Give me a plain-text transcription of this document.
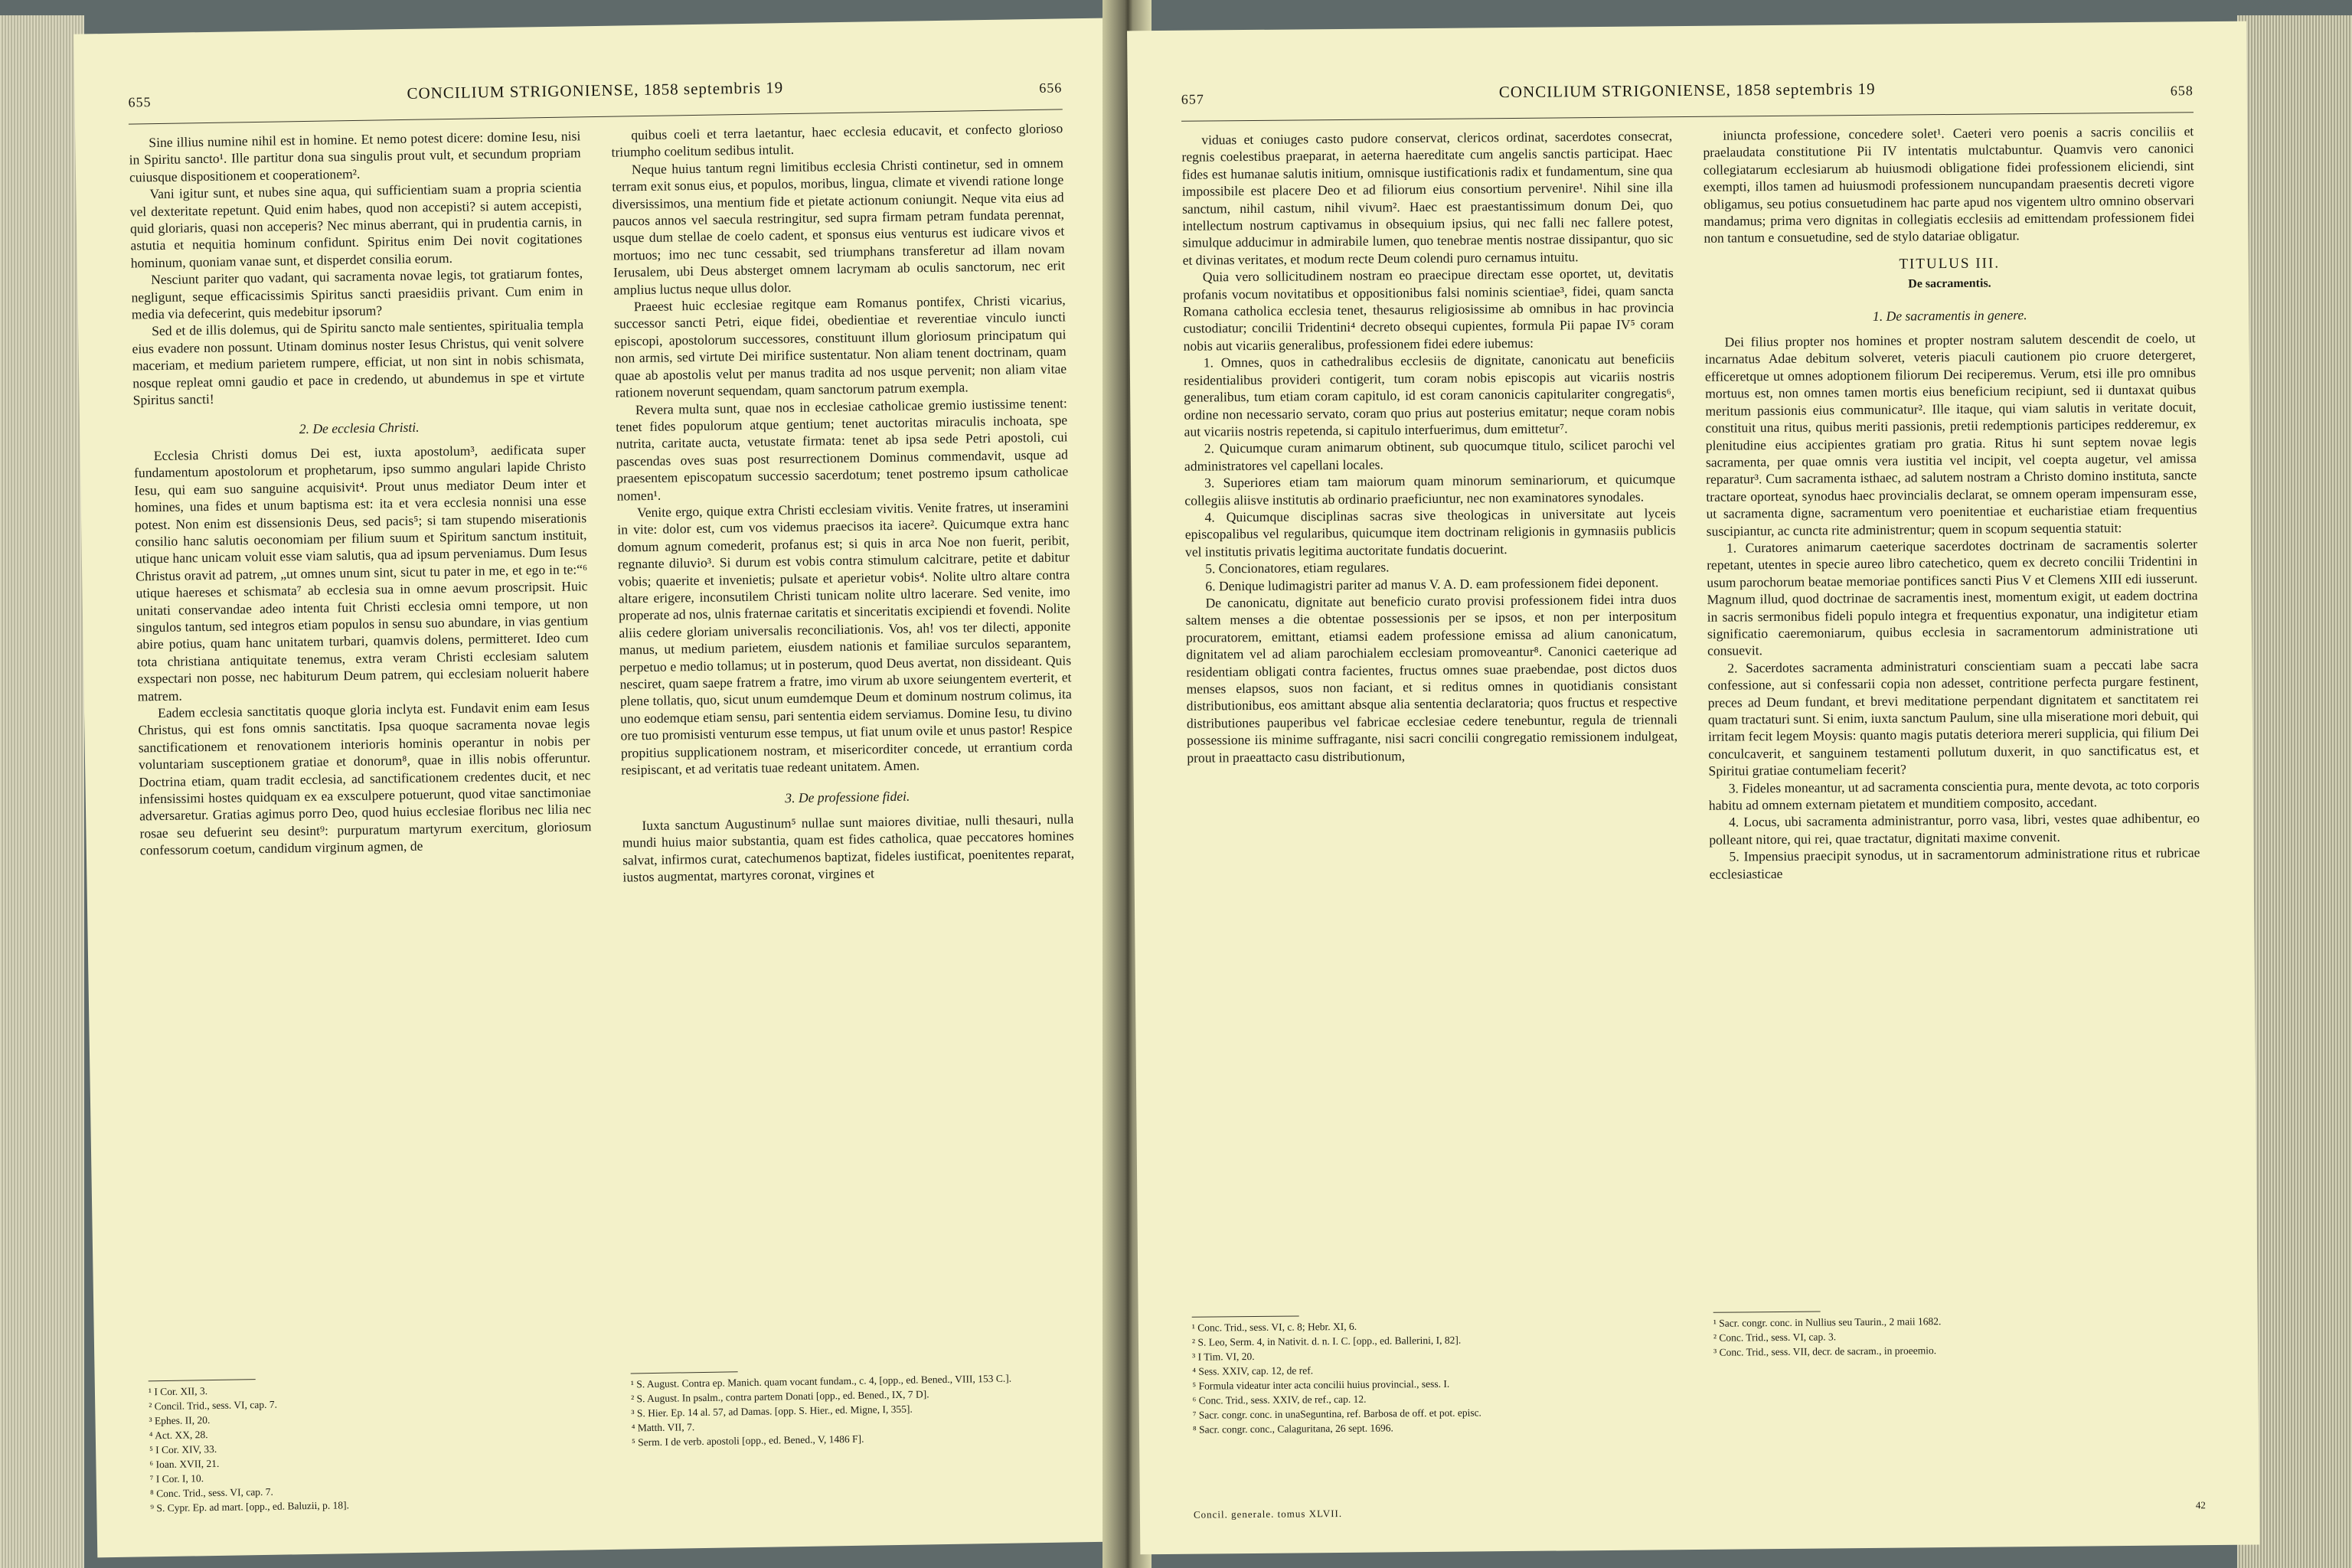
655	CONCILIUM STRIGONIENSE, 1858 septembris 19	656

Sine illius numine nihil est in homine. Et nemo potest dicere: domine Iesu, nisi in Spiritu sancto¹. Ille partitur dona sua singulis prout vult, et secundum propriam cuiusque dispositionem et cooperationem².

Vani igitur sunt, et nubes sine aqua, qui sufficientiam suam a propria scientia vel dexteritate repetunt. Quid enim habes, quod non accepisti? si autem accepisti, quid gloriaris, quasi non acceperis? Nec minus aberrant, qui in prudentia carnis, in astutia et nequitia hominum confidunt. Spiritus enim Dei novit cogitationes hominum, quoniam vanae sunt, et disperdet consilia eorum.

Nesciunt pariter quo vadant, qui sacramenta novae legis, tot gratiarum fontes, negligunt, seque efficacissimis Spiritus sancti praesidiis privant. Cum enim in media via defecerint, quis medebitur ipsorum?

Sed et de illis dolemus, qui de Spiritu sancto male sentientes, spiritualia templa eius evadere non possunt. Utinam dominus noster Iesus Christus, qui venit solvere maceriam, et medium parietem rumpere, efficiat, ut non sint in nobis schismata, nosque repleat omni gaudio et pace in credendo, ut abundemus in spe et virtute Spiritus sancti!

2. De ecclesia Christi.

Ecclesia Christi domus Dei est, iuxta apostolum³, aedificata super fundamentum apostolorum et prophetarum, ipso summo angulari lapide Christo Iesu, qui eam suo sanguine acquisivit⁴. Prout unus mediator Deum inter et homines, una fides et unum baptisma est: ita et vera ecclesia nonnisi una esse potest. Non enim est dissensionis Deus, sed pacis⁵; si tam stupendo miserationis consilio hanc salutis oeconomiam per filium suum et Spiritum sanctum instituit, utique hanc unicam voluit esse viam salutis, qua ad ipsum perveniamus. Dum Iesus Christus oravit ad patrem, „ut omnes unum sint, sicut tu pater in me, et ego in te:“⁶ utique haereses et schismata⁷ ab ecclesia sua in omne aevum proscripsit. Huic unitati conservandae adeo intenta fuit Christi ecclesia omni tempore, ut non singulos tantum, sed integros etiam populos in sensu suo abundare, in vias gentium abire potius, quam hanc unitatem turbari, quamvis dolens, permitteret. Ideo cum tota christiana antiquitate tenemus, extra veram Christi ecclesiam salutem exspectari non posse, nec habiturum Deum patrem, qui ecclesiam noluerit habere matrem.

Eadem ecclesia sanctitatis quoque gloria inclyta est. Fundavit enim eam Iesus Christus, qui est fons omnis sanctitatis. Ipsa quoque sacramenta novae legis sanctificationem et renovationem interioris hominis operantur in nobis per voluntariam susceptionem gratiae et donorum⁸, quae in illis nobis offeruntur. Doctrina etiam, quam tradit ecclesia, ad sanctificationem credentes ducit, et nec infensissimi hostes quidquam ex ea exsculpere potuerunt, quod vitae sanctimoniae adversaretur. Gratias agimus porro Deo, quod huius ecclesiae floribus nec lilia nec rosae seu defuerint seu desint⁹: purpuratum martyrum exercitum, gloriosum confessorum coetum, candidum virginum agmen, de

quibus coeli et terra laetantur, haec ecclesia educavit, et confecto glorioso triumpho coelitum sedibus intulit.

Neque huius tantum regni limitibus ecclesia Christi continetur, sed in omnem terram exit sonus eius, et populos, moribus, lingua, climate et vivendi ratione longe diversissimos, una mentium fide et pietate actionum coniungit. Neque vita eius ad paucos annos vel saecula restringitur, sed supra firmam petram fundata perennat, usque dum stellae de coelo cadent, et sponsus eius venturus est iudicare vivos et mortuos; imo nec tunc cessabit, sed triumphans transferetur ad illam novam Ierusalem, ubi Deus absterget omnem lacrymam ab oculis sanctorum, nec erit amplius luctus neque ullus dolor.

Praeest huic ecclesiae regitque eam Romanus pontifex, Christi vicarius, successor sancti Petri, eique fidei, obedientiae et reverentiae vinculo iuncti episcopi, apostolorum successores, constituunt illum gloriosum principatum qui non armis, sed virtute Dei mirifice sustentatur. Non aliam tenent doctrinam, quam quae ab apostolis velut per manus tradita ad nos usque pervenit; non aliam vitae rationem noverunt sequendam, quam sanctorum patrum exempla.

Revera multa sunt, quae nos in ecclesiae catholicae gremio iustissime tenent: tenet fides populorum atque gentium; tenet auctoritas miraculis inchoata, spe nutrita, caritate aucta, vetustate firmata: tenet ab ipsa sede Petri apostoli, cui pascendas oves suas post resurrectionem Dominus commendavit, usque ad praesentem episcopatum successio sacerdotum; tenet postremo ipsum catholicae nomen¹.

Venite ergo, quique extra Christi ecclesiam vivitis. Venite fratres, ut inseramini in vite: dolor est, cum vos videmus praecisos ita iacere². Quicumque extra hanc domum agnum comederit, profanus est; si quis in arca Noe non fuerit, peribit, regnante diluvio³. Si durum est vobis contra stimulum calcitrare, petite et dabitur vobis; quaerite et invenietis; pulsate et aperietur vobis⁴. Nolite ultro altare contra altare erigere, inconsutilem Christi tunicam nolite ultro lacerare. Sed venite, imo properate ad nos, ulnis fraternae caritatis et sinceritatis excipiendi et fovendi. Nolite aliis cedere gloriam universalis reconciliationis. Vos, ah! vos ter dilecti, apponite manus, ut medium parietem, eiusdem nationis et familiae surculos separantem, perpetuo e medio tollamus; ut in posterum, quod Deus avertat, non dissideant. Quis nesciret, quam saepe fratrem a fratre, imo virum ab uxore seiungentem everterit, et plene tollatis, quo, sicut unum eumdemque Deum et dominum nostrum colimus, ita uno eodemque etiam sensu, pari sententia eidem serviamus. Domine Iesu, tu divino ore tuo promisisti venturum esse tempus, ut fiat unum ovile et unus pastor! Respice propitius supplicationem nostram, et misericorditer concede, ut errantium corda resipiscant, et ad veritatis tuae redeant unitatem. Amen.

3. De professione fidei.

Iuxta sanctum Augustinum⁵ nullae sunt maiores divitiae, nulli thesauri, nulla mundi huius maior substantia, quam est fides catholica, quae peccatores homines salvat, infirmos curat, catechumenos baptizat, fideles iustificat, poenitentes reparat, iustos augmentat, martyres coronat, virgines et

¹ I Cor. XII, 3.
² Concil. Trid., sess. VI, cap. 7.
³ Ephes. II, 20.
⁴ Act. XX, 28.
⁵ I Cor. XIV, 33.
⁶ Ioan. XVII, 21.
⁷ I Cor. I, 10.
⁸ Conc. Trid., sess. VI, cap. 7.
⁹ S. Cypr. Ep. ad mart. [opp., ed. Baluzii, p. 18].
¹ S. August. Contra ep. Manich. quam vocant fundam., c. 4, [opp., ed. Bened., VIII, 153 C.].
² S. August. In psalm., contra partem Donati [opp., ed. Bened., IX, 7 D].
³ S. Hier. Ep. 14 al. 57, ad Damas. [opp. S. Hier., ed. Migne, I, 355].
⁴ Matth. VII, 7.
⁵ Serm. I de verb. apostoli [opp., ed. Bened., V, 1486 F].
657	CONCILIUM STRIGONIENSE, 1858 septembris 19	658

viduas et coniuges casto pudore conservat, clericos ordinat, sacerdotes consecrat, regnis coelestibus praeparat, in aeterna haereditate cum angelis sanctis participat. Haec fides est humanae salutis initium, omnisque iustificationis radix et fundamentum, sine qua impossibile est placere Deo et ad filiorum eius consortium pervenire¹. Nihil sine illa sanctum, nihil castum, nihil vivum². Haec est praestantissimum donum Dei, quo intellectum nostrum captivamus in obsequium ipsius, qui nec falli nec fallere potest, simulque adducimur in admirabile lumen, quo tenebrae mentis nostrae dissipantur, quo sic et divinas veritates, et modum recte Deum colendi puro cernamus intuitu.

Quia vero sollicitudinem nostram eo praecipue directam esse oportet, ut, devitatis profanis vocum novitatibus et oppositionibus falsi nominis scientiae³, fidei, quam sancta Romana catholica ecclesia tenet, thesaurus religiosissime ab omnibus in hac provincia custodiatur; concilii Tridentini⁴ decreto obsequi cupientes, formula Pii papae IV⁵ coram nobis aut vicariis generalibus, professionem fidei edere iubemus:

1. Omnes, quos in cathedralibus ecclesiis de dignitate, canonicatu aut beneficiis residentialibus provideri contigerit, tum coram nobis episcopis aut vicariis nostris generalibus, tum etiam coram capitulo, id est coram canonicis capitulariter congregatis⁶, ordine non necessario servato, coram quo prius aut posterius emitatur; neque coram nobis aut vicariis nostris repetenda, si capitulo interfuerimus, dum emittetur⁷.

2. Quicumque curam animarum obtinent, sub quocumque titulo, scilicet parochi vel administratores vel capellani locales.

3. Superiores etiam tam maiorum quam minorum seminariorum, et quicumque collegiis aliisve institutis ab ordinario praeficiuntur, nec non examinatores synodales.

4. Quicumque disciplinas sacras sive theologicas in universitate aut lyceis episcopalibus vel regularibus, quicumque item doctrinam religionis in gymnasiis publicis vel institutis privatis legitima auctoritate fundatis docuerint.

5. Concionatores, etiam regulares.

6. Denique ludimagistri pariter ad manus V. A. D. eam professionem fidei deponent.

De canonicatu, dignitate aut beneficio curato provisi professionem fidei intra duos saltem menses a die obtentae possessionis per se ipsos, et non per interpositum procuratorem, emittant, etiamsi eadem professione emissa ad alium canonicatum, dignitatem vel ad aliam parochialem ecclesiam promoveantur⁸. Canonici caeterique ad residentiam obligati contra facientes, fructus omnes suae praebendae, post dictos duos menses elapsos, suos non faciant, et si reditus omnes in quotidianis consistant distributionibus, eos amittant absque alia sententia declaratoria; quos fructus et respective distributiones pauperibus vel fabricae ecclesiae cedere tenebuntur, regula de triennali possessione iis minime suffragante, nisi sacri concilii congregatio remissionem indulgeat, prout in praeattacto casu distributionum,

iniuncta professione, concedere solet¹. Caeteri vero poenis a sacris conciliis et praelaudata constitutione Pii IV intentatis mulctabuntur. Quamvis vero canonici collegiatarum ecclesiarum ab huiusmodi obligatione fidei professionem eliciendi, sint exempti, illos tamen ad huiusmodi professionem nuncupandam praesentis decreti vigore obligamus, seu potius consuetudinem hac parte apud nos vigentem ultro omnino observari mandamus; prima vero dignitas in collegiatis ecclesiis ad emittendam professionem fidei non tantum e consuetudine, sed de stylo datariae obligatur.

TITULUS III.

De sacramentis.

1. De sacramentis in genere.

Dei filius propter nos homines et propter nostram salutem descendit de coelo, ut incarnatus Adae debitum solveret, veteris piaculi cautionem pio cruore detergeret, efficeretque ut omnes adoptionem filiorum Dei reciperemus. Verum, etsi ille pro omnibus mortuus est, non omnes tamen mortis eius beneficium recipiunt, sed ii duntaxat quibus meritum passionis eius communicatur². Ille itaque, qui viam salutis in veritate docuit, constituit una ritus, quibus meriti passionis, pretii redemptionis participes redderemur, ex plenitudine eius accipientes gratiam pro gratia. Ritus hi sunt septem novae legis sacramenta, per quae omnis vera iustitia vel incipit, vel coepta augetur, vel amissa reparatur³. Cum sacramenta isthaec, ad salutem nostram a Christo domino instituta, sancte tractare oporteat, synodus haec provincialis declarat, se omnem operam impensuram esse, ut sacramenta digne, sacramentum vero poenitentiae et eucharistiae etiam frequentius suscipiantur, ac cuncta rite administrentur; quem in scopum sequentia statuit:

1. Curatores animarum caeterique sacerdotes doctrinam de sacramentis solerter repetant, utentes in specie aureo libro catechetico, quem ex decreto concilii Tridentini in usum parochorum beatae memoriae pontifices sancti Pius V et Clemens XIII edi iusserunt. Magnum illud, quod doctrinae de sacramentis inest, momentum exigit, ut eadem doctrina in sacris sermonibus fideli populo integra et frequentius exponatur, una indigitetur etiam significatio caeremoniarum, quibus ecclesia in sacramentorum administratione uti consuevit.

2. Sacerdotes sacramenta administraturi conscientiam suam a peccati labe sacra confessione, aut si confessarii copia non adesset, contritione perfecta purgare festinent, preces ad Deum fundant, et brevi meditatione perpendant dignitatem et sanctitatem rei quam tractaturi sunt. Si enim, iuxta sanctum Paulum, sine ulla miseratione mori debuit, qui irritam fecit legem Moysis: quanto magis putatis deteriora mereri supplicia, qui filium Dei conculcaverit, et sanguinem testamenti pollutum duxerit, in quo sanctificatus est, et Spiritui gratiae contumeliam fecerit?

3. Fideles moneantur, ut ad sacramenta conscientia pura, mente devota, ac toto corporis habitu ad omnem externam pietatem et munditiem composito, accedant.

4. Locus, ubi sacramenta administrantur, porro vasa, libri, vestes quae adhibentur, eo polleant nitore, qui rei, quae tractatur, dignitati maxime convenit.

5. Impensius praecipit synodus, ut in sacramentorum administratione ritus et rubricae ecclesiasticae

¹ Conc. Trid., sess. VI, c. 8; Hebr. XI, 6.
² S. Leo, Serm. 4, in Nativit. d. n. I. C. [opp., ed. Ballerini, I, 82].
³ I Tim. VI, 20.
⁴ Sess. XXIV, cap. 12, de ref.
⁵ Formula videatur inter acta concilii huius provincial., sess. I.
⁶ Conc. Trid., sess. XXIV, de ref., cap. 12.
⁷ Sacr. congr. conc. in unaSeguntina, ref. Barbosa de off. et pot. episc.
⁸ Sacr. congr. conc., Calaguritana, 26 sept. 1696.
¹ Sacr. congr. conc. in Nullius seu Taurin., 2 maii 1682.
² Conc. Trid., sess. VI, cap. 3.
³ Conc. Trid., sess. VII, decr. de sacram., in proeemio.
Concil. generale. tomus XLVII.
42
